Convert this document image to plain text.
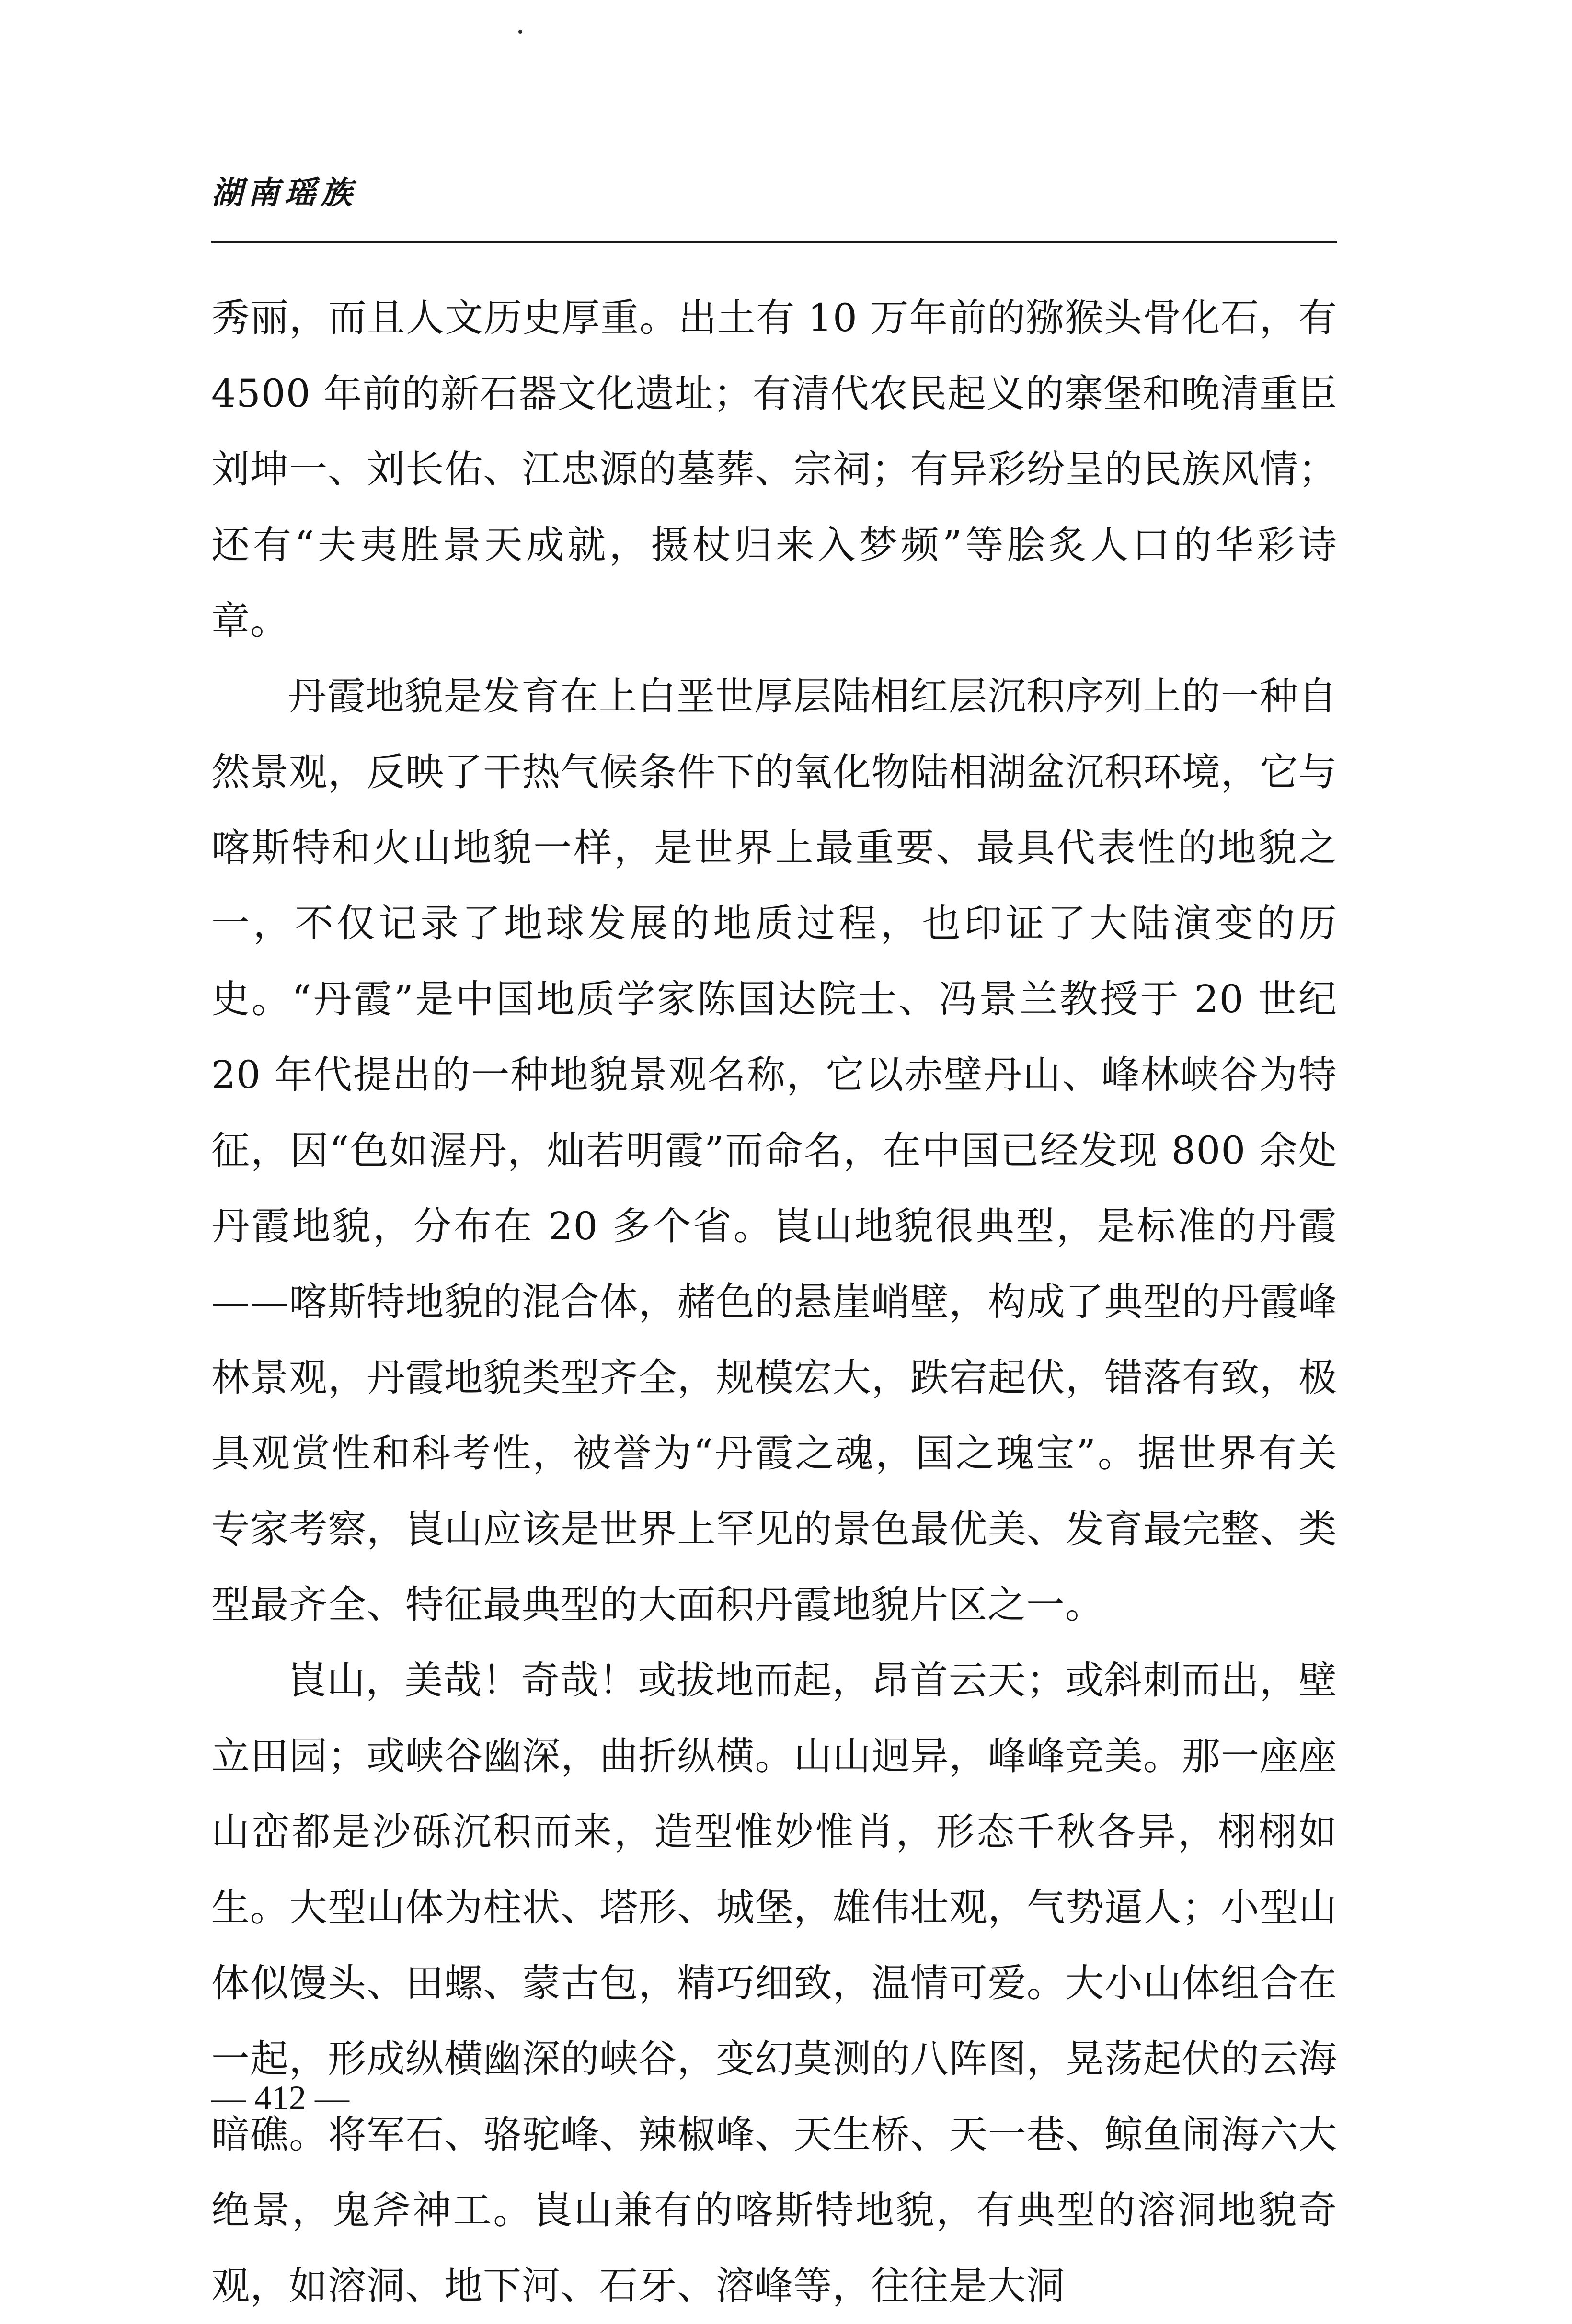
湖南瑶族

秀丽，而且人文历史厚重。出土有 10 万年前的猕猴头骨化石，有 4500 年前的新石器文化遗址；有清代农民起义的寨堡和晚清重臣刘坤一、刘长佑、江忠源的墓葬、宗祠；有异彩纷呈的民族风情；还有“夫夷胜景天成就，摄杖归来入梦频”等脍炙人口的华彩诗章。

丹霞地貌是发育在上白垩世厚层陆相红层沉积序列上的一种自然景观，反映了干热气候条件下的氧化物陆相湖盆沉积环境，它与喀斯特和火山地貌一样，是世界上最重要、最具代表性的地貌之一，不仅记录了地球发展的地质过程，也印证了大陆演变的历史。“丹霞”是中国地质学家陈国达院士、冯景兰教授于 20 世纪 20 年代提出的一种地貌景观名称，它以赤壁丹山、峰林峡谷为特征，因“色如渥丹，灿若明霞”而命名，在中国已经发现 800 余处丹霞地貌，分布在 20 多个省。崀山地貌很典型，是标准的丹霞——喀斯特地貌的混合体，赭色的悬崖峭壁，构成了典型的丹霞峰林景观，丹霞地貌类型齐全，规模宏大，跌宕起伏，错落有致，极具观赏性和科考性，被誉为“丹霞之魂，国之瑰宝”。据世界有关专家考察，崀山应该是世界上罕见的景色最优美、发育最完整、类型最齐全、特征最典型的大面积丹霞地貌片区之一。

崀山，美哉！奇哉！或拔地而起，昂首云天；或斜刺而出，壁立田园；或峡谷幽深，曲折纵横。山山迥异，峰峰竞美。那一座座山峦都是沙砾沉积而来，造型惟妙惟肖，形态千秋各异，栩栩如生。大型山体为柱状、塔形、城堡，雄伟壮观，气势逼人；小型山体似馒头、田螺、蒙古包，精巧细致，温情可爱。大小山体组合在一起，形成纵横幽深的峡谷，变幻莫测的八阵图，晃荡起伏的云海暗礁。将军石、骆驼峰、辣椒峰、天生桥、天一巷、鲸鱼闹海六大绝景，鬼斧神工。崀山兼有的喀斯特地貌，有典型的溶洞地貌奇观，如溶洞、地下河、石牙、溶峰等，往往是大洞

— 412 —
